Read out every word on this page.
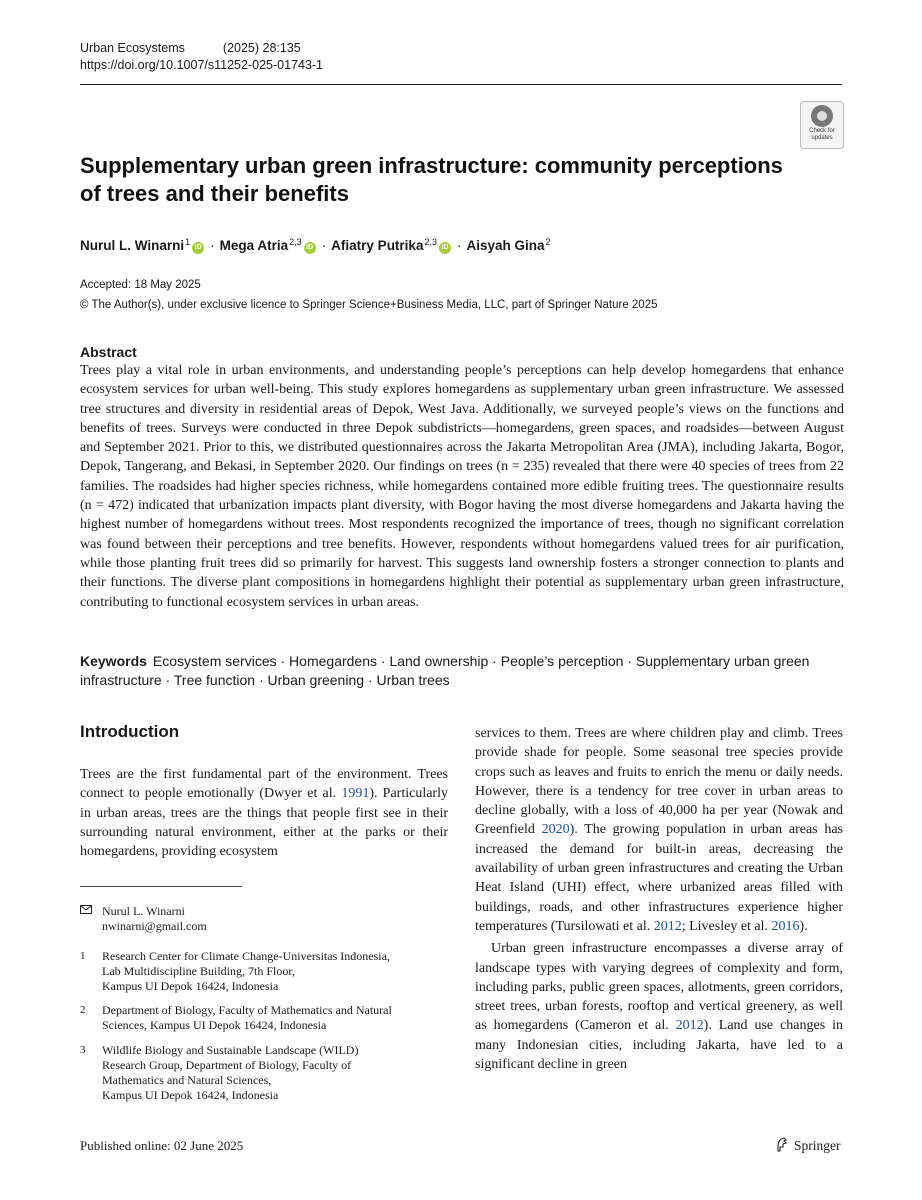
Urban Ecosystems	(2025) 28:135
https://doi.org/10.1007/s11252-025-01743-1
Check for
updates
Supplementary urban green infrastructure: community perceptions of trees and their benefits
Nurul L. Winarni$^1$iD · Mega Atria$^{2,3}$iD · Afiatry Putrika$^{2,3}$iD · Aisyah Gina$^2$
Accepted: 18 May 2025
© The Author(s), under exclusive licence to Springer Science+Business Media, LLC, part of Springer Nature 2025
Abstract

Trees play a vital role in urban environments, and understanding people’s perceptions can help develop homegardens that enhance ecosystem services for urban well-being. This study explores homegardens as supplementary urban green infrastructure. We assessed tree structures and diversity in residential areas of Depok, West Java. Additionally, we surveyed people’s views on the functions and benefits of trees. Surveys were conducted in three Depok subdistricts—homegardens, green spaces, and roadsides—between August and September 2021. Prior to this, we distributed questionnaires across the Jakarta Metropolitan Area (JMA), including Jakarta, Bogor, Depok, Tangerang, and Bekasi, in September 2020. Our findings on trees (n = 235) revealed that there were 40 species of trees from 22 families. The roadsides had higher species richness, while homegardens contained more edible fruiting trees. The questionnaire results (n = 472) indicated that urbanization impacts plant diversity, with Bogor having the most diverse homegardens and Jakarta having the highest number of homegardens without trees. Most respondents recognized the importance of trees, though no significant correlation was found between their perceptions and tree benefits. However, respondents without homegardens valued trees for air purification, while those planting fruit trees did so primarily for harvest. This suggests land ownership fosters a stronger connection to plants and their functions. The diverse plant compositions in homegardens highlight their potential as supplementary urban green infrastructure, contributing to functional ecosystem services in urban areas.

Keywords Ecosystem services · Homegardens · Land ownership · People’s perception · Supplementary urban green infrastructure · Tree function · Urban greening · Urban trees
Introduction

Trees are the first fundamental part of the environment. Trees connect to people emotionally (Dwyer et al. 1991). Particularly in urban areas, trees are the things that people first see in their surrounding natural environment, either at the parks or their homegardens, providing ecosystem

Nurul L. Winarni
nwinarni@gmail.com
1	Research Center for Climate Change-Universitas Indonesia,
Lab Multidiscipline Building, 7th Floor,
Kampus UI Depok 16424, Indonesia
2	Department of Biology, Faculty of Mathematics and Natural
Sciences, Kampus UI Depok 16424, Indonesia
3	Wildlife Biology and Sustainable Landscape (WILD)
Research Group, Department of Biology, Faculty of
Mathematics and Natural Sciences,
Kampus UI Depok 16424, Indonesia

services to them. Trees are where children play and climb. Trees provide shade for people. Some seasonal tree species provide crops such as leaves and fruits to enrich the menu or daily needs. However, there is a tendency for tree cover in urban areas to decline globally, with a loss of 40,000 ha per year (Nowak and Greenfield 2020). The growing population in urban areas has increased the demand for built-in areas, decreasing the availability of urban green infrastructures and creating the Urban Heat Island (UHI) effect, where urbanized areas filled with buildings, roads, and other infrastructures experience higher temperatures (Tursilowati et al. 2012; Livesley et al. 2016).

Urban green infrastructure encompasses a diverse array of landscape types with varying degrees of complexity and form, including parks, public green spaces, allotments, green corridors, street trees, urban forests, rooftop and vertical greenery, as well as homegardens (Cameron et al. 2012). Land use changes in many Indonesian cities, including Jakarta, have led to a significant decline in green

Published online: 02 June 2025	Springer
